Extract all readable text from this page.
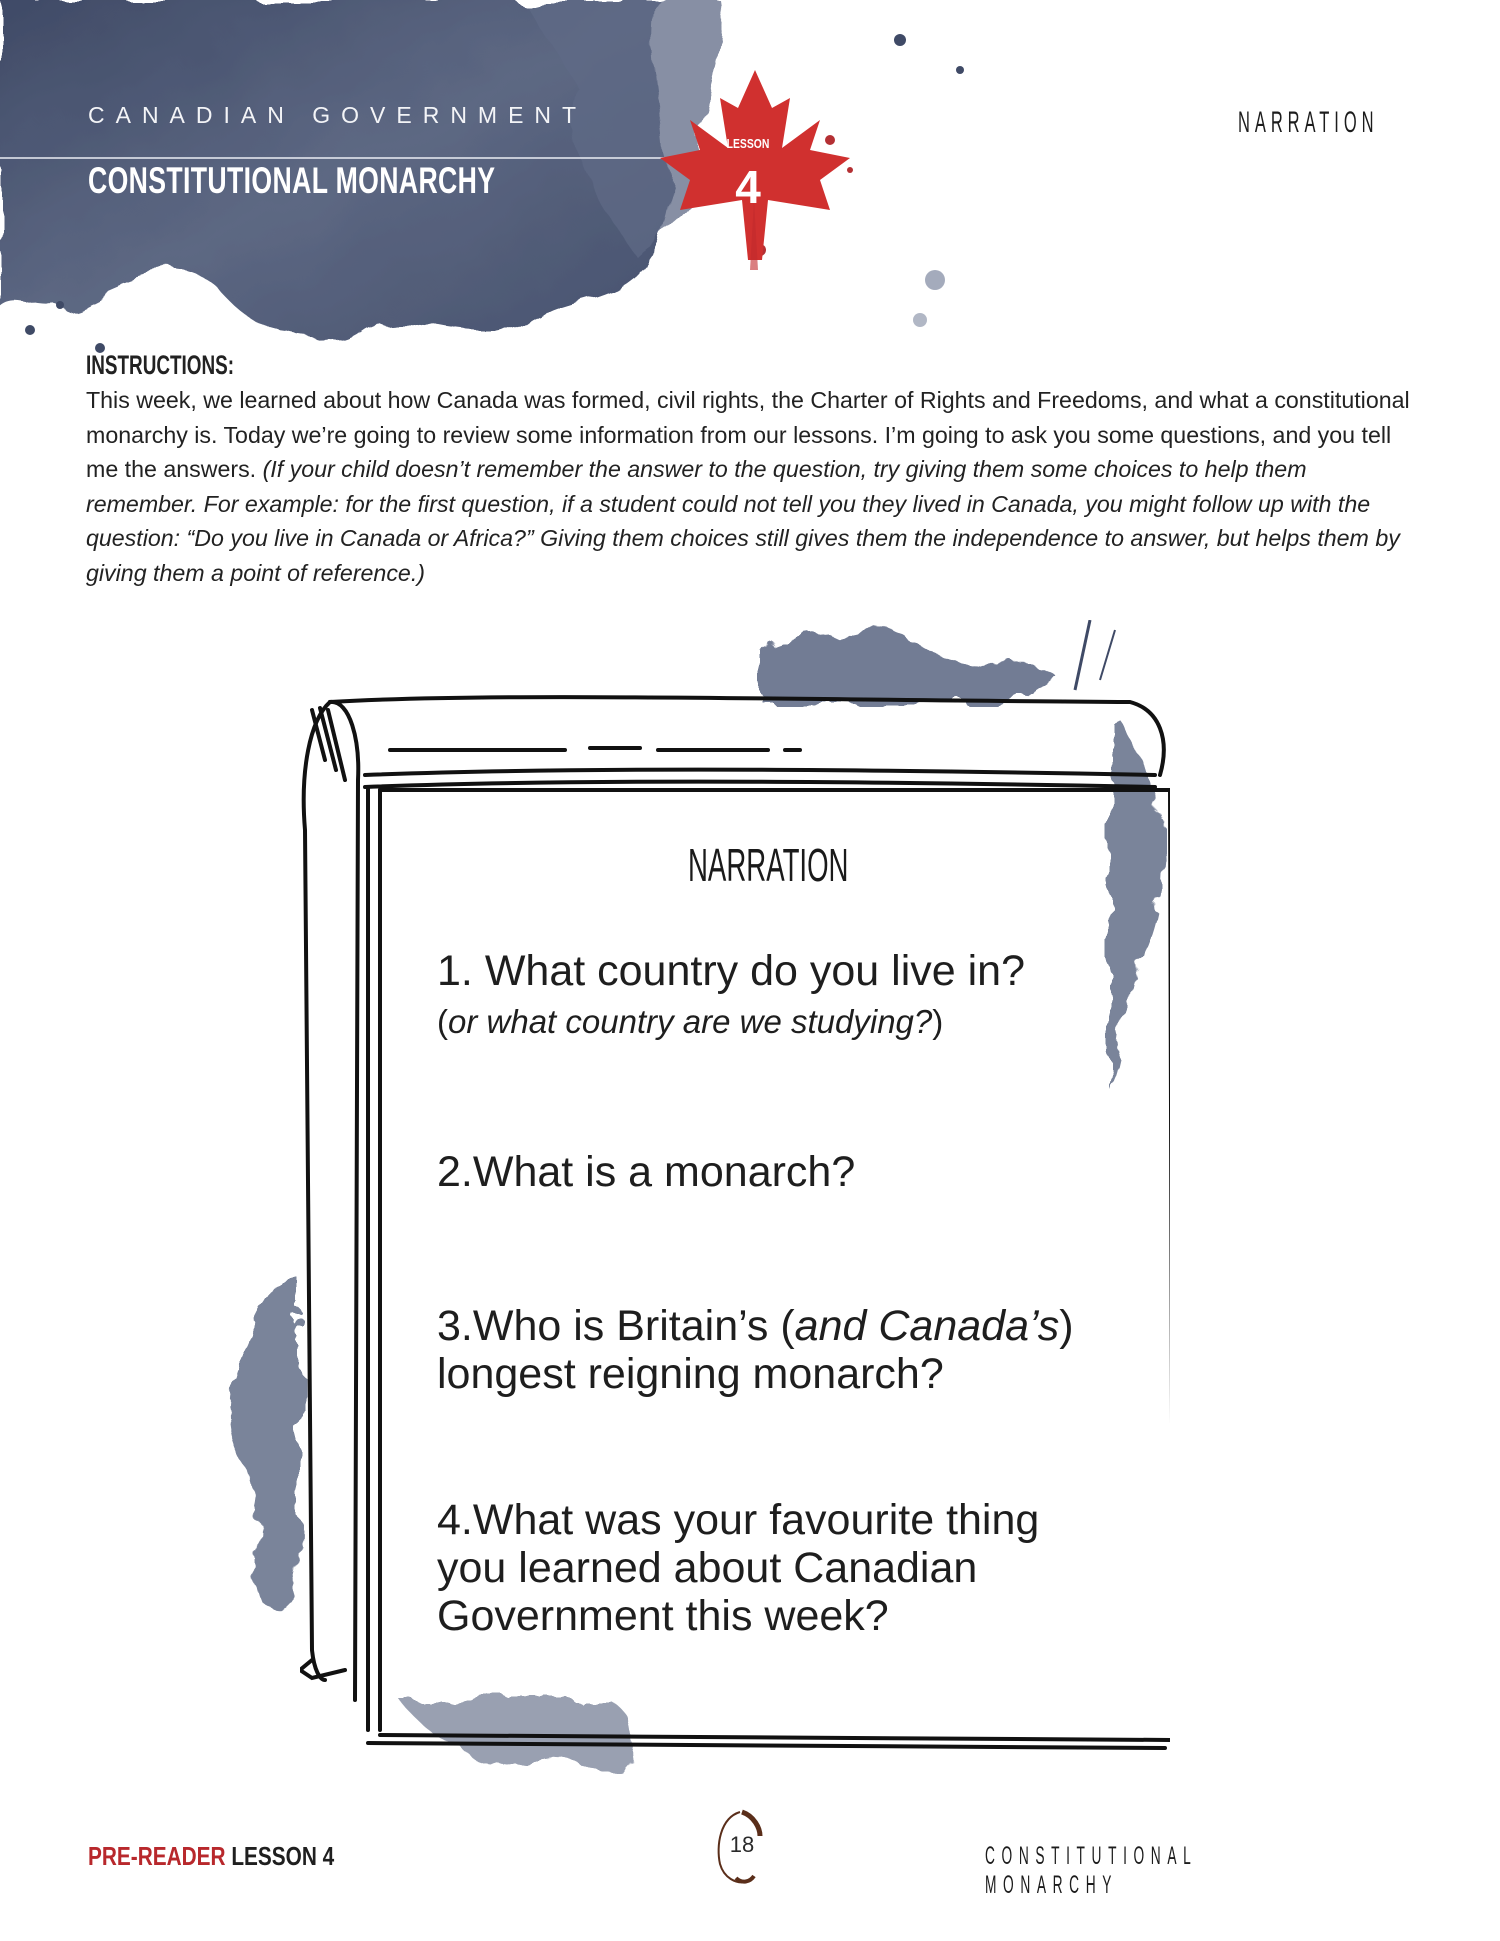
CANADIAN GOVERNMENT
CONSTITUTIONAL MONARCHY
LESSON
4
NARRATION
INSTRUCTIONS:
This week, we learned about how Canada was formed, civil rights, the Charter of Rights and Freedoms, and what a constitutional monarchy is. Today we’re going to review some information from our lessons. I’m going to ask you some questions, and you tell me the answers. (If your child doesn’t remember the answer to the question, try giving them some choices to help them remember. For example: for the first question, if a student could not tell you they lived in Canada, you might follow up with the question: “Do you live in Canada or Africa?” Giving them choices still gives them the independence to answer, but helps them by giving them a point of reference.)
NARRATION
1. What country do you live in?
(or what country are we studying?)
2.What is a monarch?
3.Who is Britain’s (and Canada’s)
longest reigning monarch?
4.What was your favourite thing
you learned about Canadian
Government this week?
PRE-READER LESSON 4	18	CONSTITUTIONAL MONARCHY
